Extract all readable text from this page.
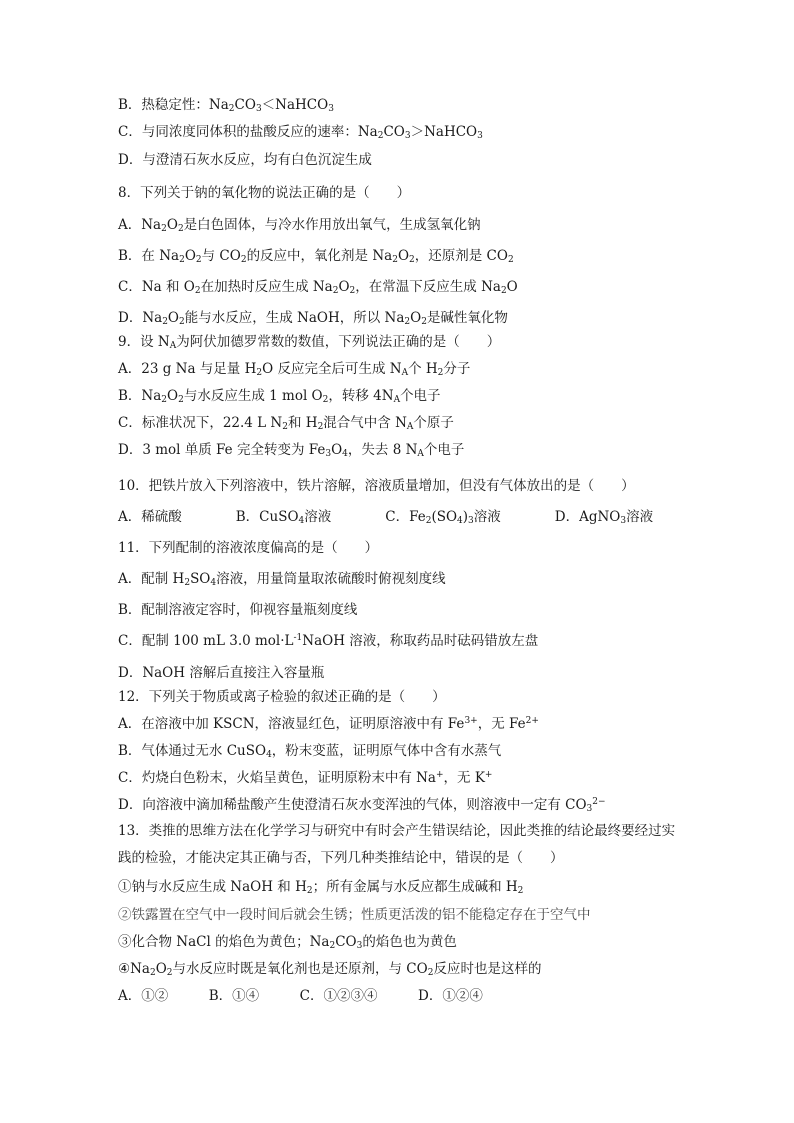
B．热稳定性：$Na_2CO_3<NaHCO_3$
C．与同浓度同体积的盐酸反应的速率：$Na_2CO_3>NaHCO_3$
D．与澄清石灰水反应，均有白色沉淀生成
8．下列关于钠的氧化物的说法正确的是（　　）
A．$Na_2O_2$是白色固体，与冷水作用放出氧气，生成氢氧化钠
B．在 $Na_2O_2$与 $CO_2$的反应中，氧化剂是 $Na_2O_2$，还原剂是 $CO_2$
C．Na 和 $O_2$在加热时反应生成 $Na_2O_2$，在常温下反应生成 $Na_2O$
D．$Na_2O_2$能与水反应，生成 NaOH，所以 $Na_2O_2$是碱性氧化物
9．设 $N_A$为阿伏加德罗常数的数值，下列说法正确的是（　　）
A．23 g Na 与足量 $H_2O$ 反应完全后可生成 $N_A$个 $H_2$分子
B．$Na_2O_2$与水反应生成 1 mol $O_2$，转移 $4N_A$个电子
C．标准状况下，22.4 L $N_2$和 $H_2$混合气中含 $N_A$个原子
D．3 mol 单质 Fe 完全转变为 $Fe_3O_4$，失去 8 $N_A$个电子
10．把铁片放入下列溶液中，铁片溶解，溶液质量增加，但没有气体放出的是（　　）
A．稀硫酸　　　　B．CuSO$_4$溶液　　　　C．$Fe_2(SO_4)_3$溶液　　　　D．AgNO$_3$溶液
11．下列配制的溶液浓度偏高的是（　　）
A．配制 $H_2SO_4$溶液，用量筒量取浓硫酸时俯视刻度线
B．配制溶液定容时，仰视容量瓶刻度线
C．配制 100 mL 3.0 $mol\cdot L^{-1}NaOH$ 溶液，称取药品时砝码错放左盘
D．NaOH 溶解后直接注入容量瓶
12．下列关于物质或离子检验的叙述正确的是（　　）
A．在溶液中加 KSCN，溶液显红色，证明原溶液中有 $Fe^{3+}$，无 $Fe^{2+}$
B．气体通过无水 CuSO$_4$，粉末变蓝，证明原气体中含有水蒸气
C．灼烧白色粉末，火焰呈黄色，证明原粉末中有 Na+，无 K+
D．向溶液中滴加稀盐酸产生使澄清石灰水变浑浊的气体，则溶液中一定有 $CO_3^{2-}$
13．类推的思维方法在化学学习与研究中有时会产生错误结论，因此类推的结论最终要经过实践的检验，才能决定其正确与否，下列几种类推结论中，错误的是（　　）
①钠与水反应生成 NaOH 和 $H_2$；所有金属与水反应都生成碱和 $H_2$
②铁露置在空气中一段时间后就会生锈；性质更活泼的铝不能稳定存在于空气中
③化合物 NaCl 的焰色为黄色；$Na_2CO_3$的焰色也为黄色
$④Na_2O_2$与水反应时既是氧化剂也是还原剂，与 $CO_2$反应时也是这样的
A．①②　　　B．①④　　　C．①②③④　　　D．①②④
